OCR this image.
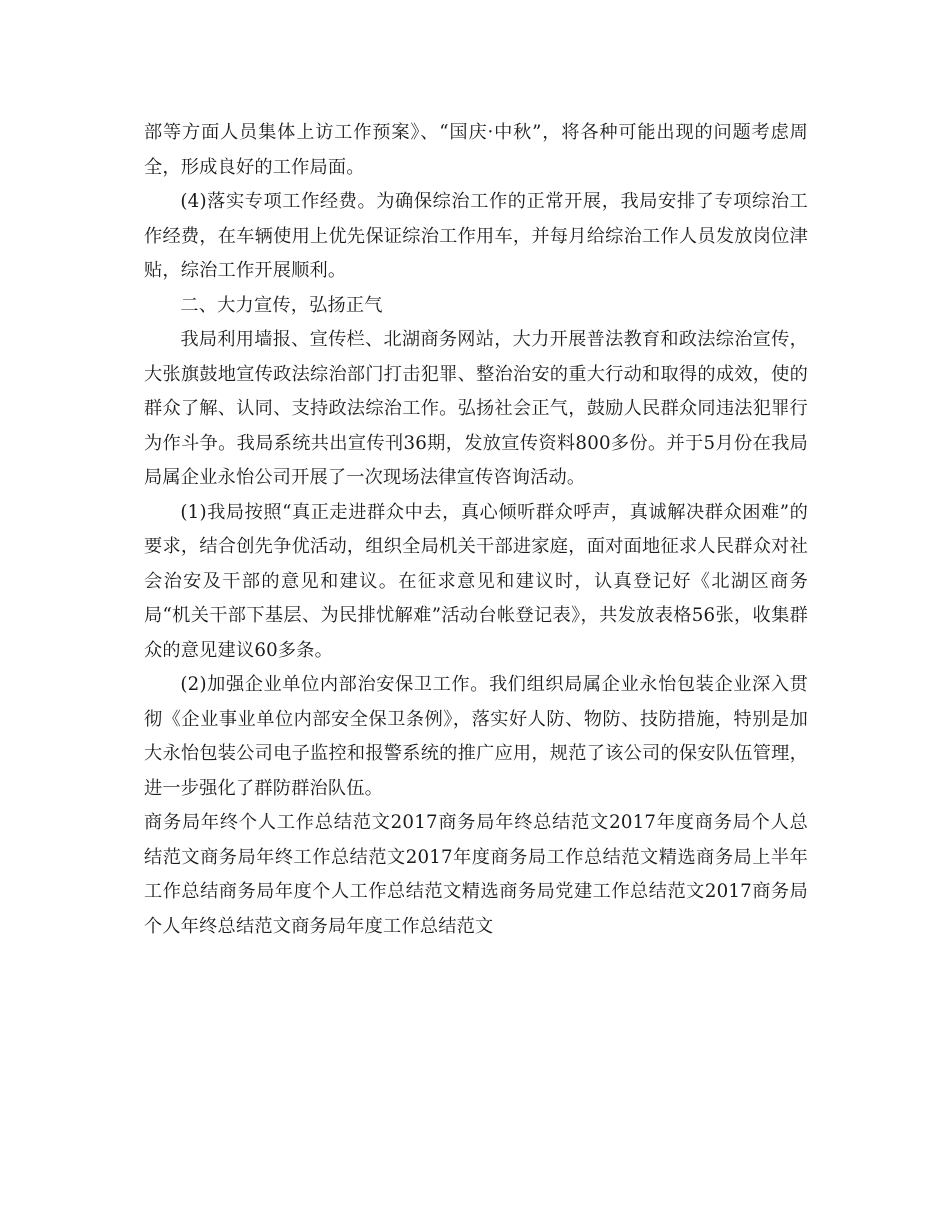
部等方面人员集体上访工作预案》、“国庆·中秋”，将各种可能出现的问题考虑周全，形成良好的工作局面。

(4)落实专项工作经费。为确保综治工作的正常开展，我局安排了专项综治工作经费，在车辆使用上优先保证综治工作用车，并每月给综治工作人员发放岗位津贴，综治工作开展顺利。

二、大力宣传，弘扬正气

我局利用墙报、宣传栏、北湖商务网站，大力开展普法教育和政法综治宣传，大张旗鼓地宣传政法综治部门打击犯罪、整治治安的重大行动和取得的成效，使的群众了解、认同、支持政法综治工作。弘扬社会正气，鼓励人民群众同违法犯罪行为作斗争。我局系统共出宣传刊36期，发放宣传资料800多份。并于5月份在我局局属企业永怡公司开展了一次现场法律宣传咨询活动。

(1)我局按照“真正走进群众中去，真心倾听群众呼声，真诚解决群众困难”的要求，结合创先争优活动，组织全局机关干部进家庭，面对面地征求人民群众对社会治安及干部的意见和建议。在征求意见和建议时，认真登记好《北湖区商务局“机关干部下基层、为民排忧解难”活动台帐登记表》，共发放表格56张，收集群众的意见建议60多条。

(2)加强企业单位内部治安保卫工作。我们组织局属企业永怡包装企业深入贯彻《企业事业单位内部安全保卫条例》，落实好人防、物防、技防措施，特别是加大永怡包装公司电子监控和报警系统的推广应用，规范了该公司的保安队伍管理，进一步强化了群防群治队伍。

商务局年终个人工作总结范文2017商务局年终总结范文2017年度商务局个人总结范文商务局年终工作总结范文2017年度商务局工作总结范文精选商务局上半年工作总结商务局年度个人工作总结范文精选商务局党建工作总结范文2017商务局个人年终总结范文商务局年度工作总结范文
